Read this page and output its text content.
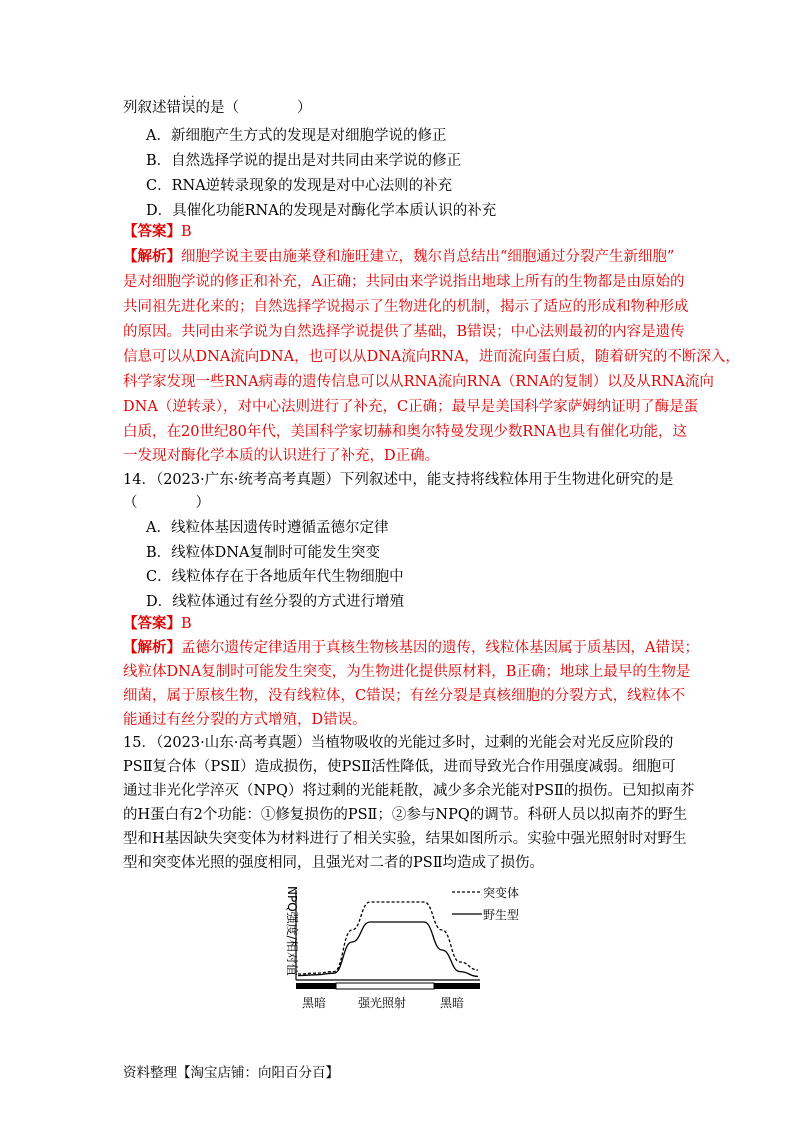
··
列叙述错误的是（　　　　）
A．新细胞产生方式的发现是对细胞学说的修正
B．自然选择学说的提出是对共同由来学说的修正
C．RNA逆转录现象的发现是对中心法则的补充
D．具催化功能RNA的发现是对酶化学本质认识的补充
【答案】B
【解析】细胞学说主要由施莱登和施旺建立，魏尔肖总结出“细胞通过分裂产生新细胞”
是对细胞学说的修正和补充，A正确；共同由来学说指出地球上所有的生物都是由原始的
共同祖先进化来的；自然选择学说揭示了生物进化的机制，揭示了适应的形成和物种形成
的原因。共同由来学说为自然选择学说提供了基础，B错误；中心法则最初的内容是遗传
信息可以从DNA流向DNA，也可以从DNA流向RNA，进而流向蛋白质，随着研究的不断深入，
科学家发现一些RNA病毒的遗传信息可以从RNA流向RNA（RNA的复制）以及从RNA流向
DNA（逆转录），对中心法则进行了补充，C正确；最早是美国科学家萨姆纳证明了酶是蛋
白质，在20世纪80年代，美国科学家切赫和奥尔特曼发现少数RNA也具有催化功能，这
一发现对酶化学本质的认识进行了补充，D正确。
14．（2023·广东·统考高考真题）下列叙述中，能支持将线粒体用于生物进化研究的是
（　　　　）
A．线粒体基因遗传时遵循孟德尔定律
B．线粒体DNA复制时可能发生突变
C．线粒体存在于各地质年代生物细胞中
D．线粒体通过有丝分裂的方式进行增殖
【答案】B
【解析】孟德尔遗传定律适用于真核生物核基因的遗传，线粒体基因属于质基因，A错误；
线粒体DNA复制时可能发生突变，为生物进化提供原材料，B正确；地球上最早的生物是
细菌，属于原核生物，没有线粒体，C错误；有丝分裂是真核细胞的分裂方式，线粒体不
能通过有丝分裂的方式增殖，D错误。
15．（2023·山东·高考真题）当植物吸收的光能过多时，过剩的光能会对光反应阶段的
PSⅡ复合体（PSⅡ）造成损伤，使PSⅡ活性降低，进而导致光合作用强度减弱。细胞可
通过非光化学淬灭（NPQ）将过剩的光能耗散，减少多余光能对PSⅡ的损伤。已知拟南芥
的H蛋白有2个功能：①修复损伤的PSⅡ；②参与NPQ的调节。科研人员以拟南芥的野生
型和H基因缺失突变体为材料进行了相关实验，结果如图所示。实验中强光照射时对野生
型和突变体光照的强度相同，且强光对二者的PSⅡ均造成了损伤。
NPQ强度/相对值	突变体
野生型
黑暗	强光照射	黑暗
资料整理【淘宝店铺：向阳百分百】
